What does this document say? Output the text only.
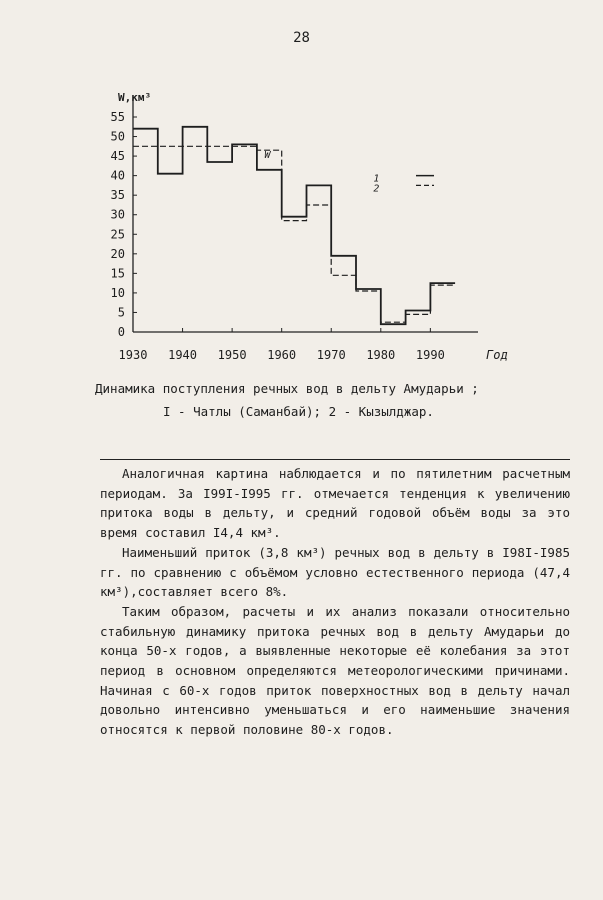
28
0
5
10
15
20
25
30
35
40
45
50
55
1930 1940 1950 1960 1970 1980 1990
W,км³
Год
W
1
2
Динамика поступления речных вод в дельту Амударьи ;
I - Чатлы (Саманбай); 2 - Кызылджар.

Аналогичная картина наблюдается и по пятилетним расчетным периодам. За I99I-I995 гг. отмечается тенденция к увеличению притока воды в дельту, и средний годовой объём воды за это время составил I4,4 км³.

Наименьший приток (3,8 км³) речных вод в дельту в I98I-I985 гг. по сравнению с объёмом условно естественного периода (47,4 км³),составляет всего 8%.

Таким образом, расчеты и их анализ показали относительно стабильную динамику притока речных вод в дельту Амударьи до конца 50-х годов, а выявленные некоторые её колебания за этот период в основном определяются метеорологическими причинами. Начиная с 60-х годов приток поверхностных вод в дельту начал довольно интенсивно уменьшаться и его наименьшие значения относятся к первой половине 80-х годов.
